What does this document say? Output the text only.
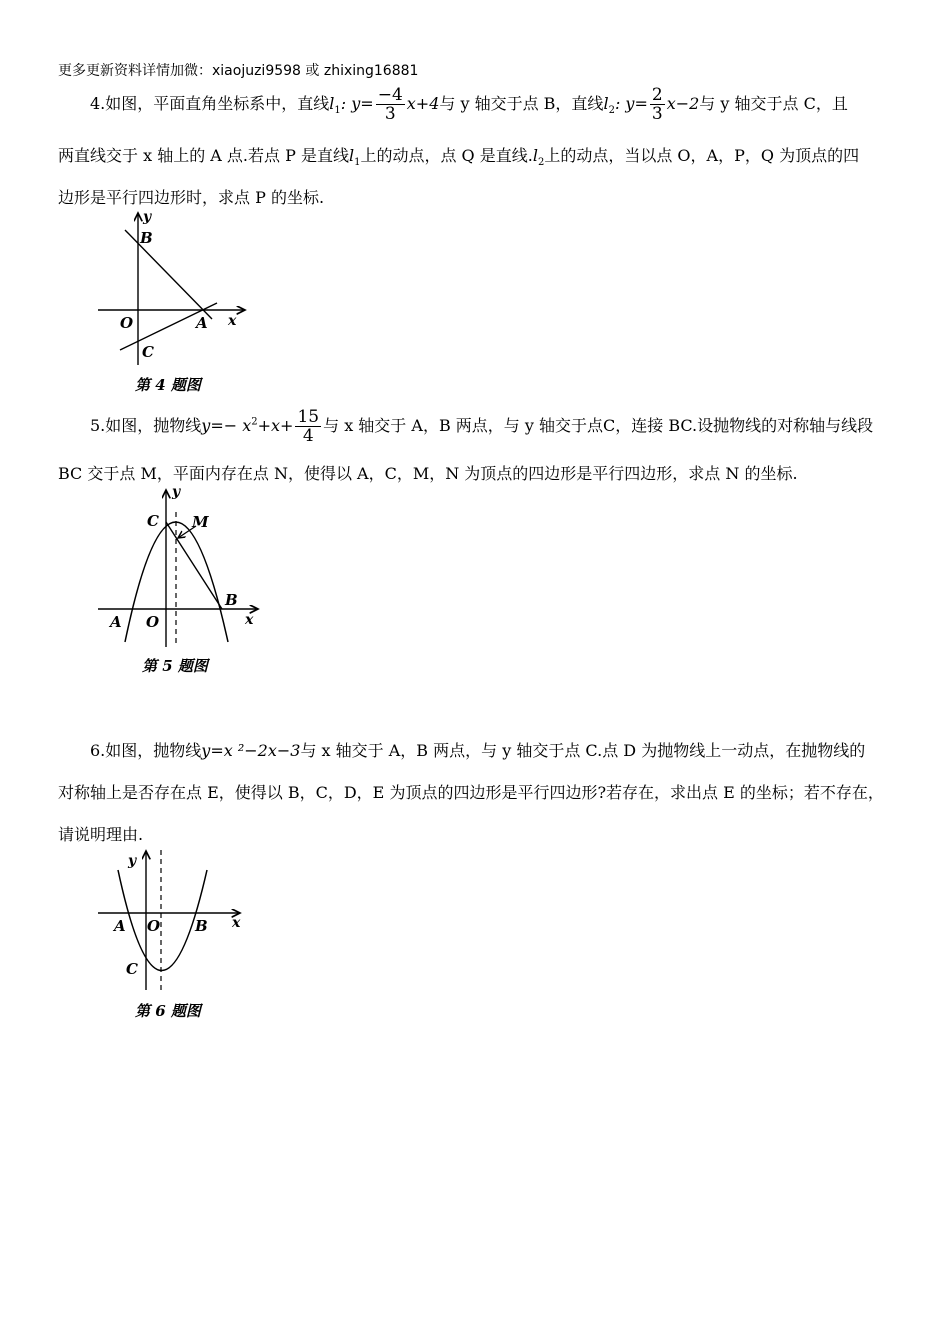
更多更新资料详情加微：xiaojuzi9598 或 zhixing16881
4.如图，平面直角坐标系中，直线$l_1$: $y= \frac{-4}{3} x+4$与 y 轴交于点 B，直线$l_2$: $y= \frac{2}{3} x-2$与 y 轴交于点 C，且
两直线交于 x 轴上的 A 点.若点 P 是直线$l_1$上的动点，点 Q 是直线$.l_2$上的动点，当以点 O，A，P，Q 为顶点的四
边形是平行四边形时，求点 P 的坐标.
y
B
O	A x
C
第 4 题图
5.如图，抛物线$y=- x^2+x+ \frac{15}{4}$ 与 x 轴交于 A，B 两点，与 y 轴交于点C，连接 BC.设抛物线的对称轴与线段
BC 交于点 M，平面内存在点 N，使得以 A，C，M，N 为顶点的四边形是平行四边形，求点 N 的坐标.
y
C M
B
A O	x
第 5 题图
6.如图，抛物线y=x ²−2x−3与 x 轴交于 A，B 两点，与 y 轴交于点 C.点 D 为抛物线上一动点，在抛物线的
对称轴上是否存在点 E，使得以 B，C，D，E 为顶点的四边形是平行四边形?若存在，求出点 E 的坐标；若不存在，
请说明理由.
y
A O B x
C
第 6 题图
